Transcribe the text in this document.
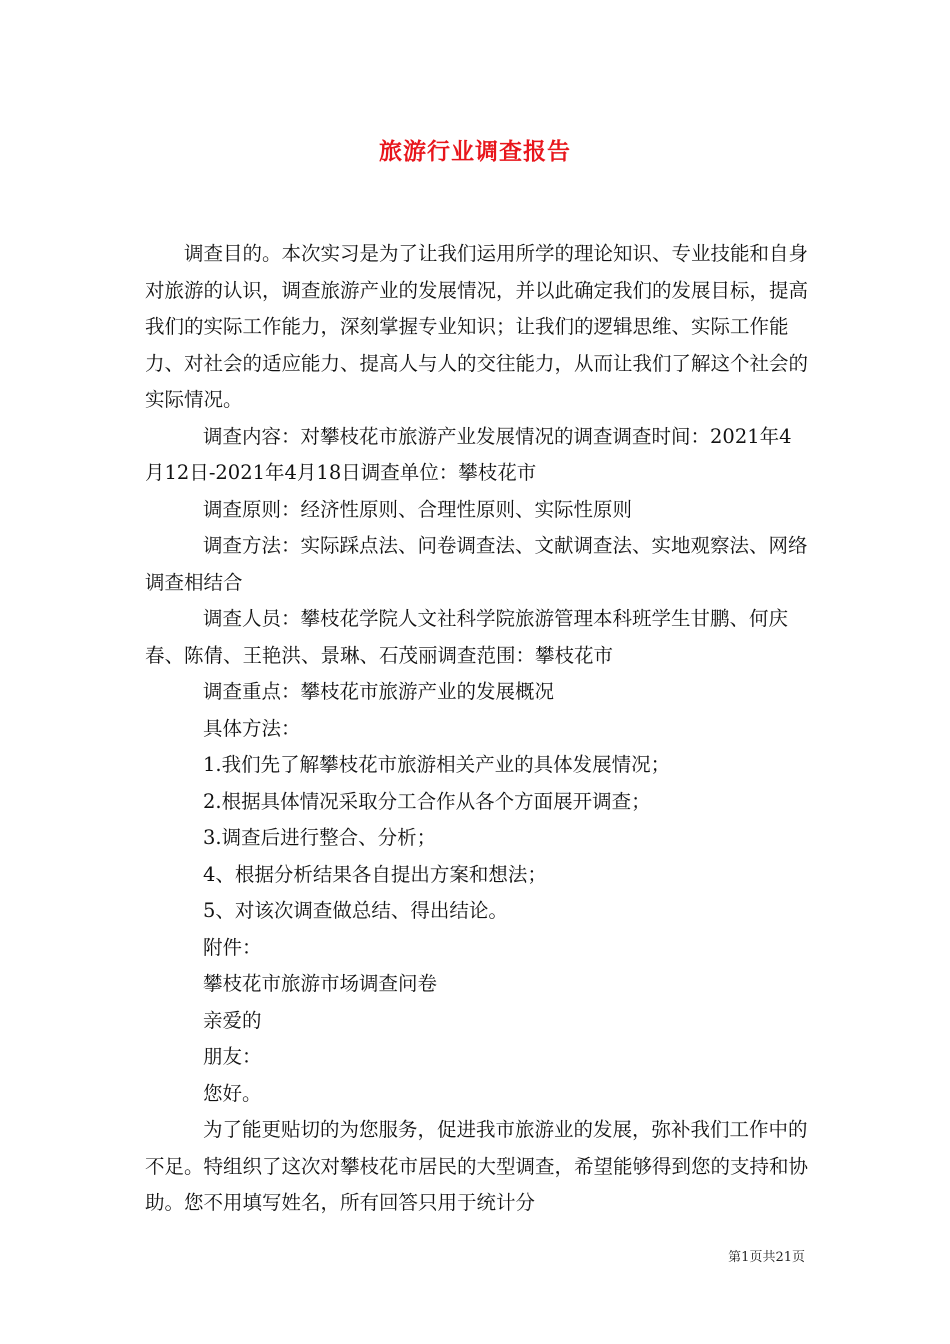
旅游行业调查报告

调查目的。本次实习是为了让我们运用所学的理论知识、专业技能和自身对旅游的认识，调查旅游产业的发展情况，并以此确定我们的发展目标，提高我们的实际工作能力，深刻掌握专业知识；让我们的逻辑思维、实际工作能力、对社会的适应能力、提高人与人的交往能力，从而让我们了解这个社会的实际情况。

调查内容：对攀枝花市旅游产业发展情况的调查调查时间：2021年4月12日-2021年4月18日调查单位：攀枝花市

调查原则：经济性原则、合理性原则、实际性原则

调查方法：实际踩点法、问卷调查法、文献调查法、实地观察法、网络调查相结合

调查人员：攀枝花学院人文社科学院旅游管理本科班学生甘鹏、何庆春、陈倩、王艳洪、景琳、石茂丽调查范围：攀枝花市

调查重点：攀枝花市旅游产业的发展概况

具体方法：

1.我们先了解攀枝花市旅游相关产业的具体发展情况；

2.根据具体情况采取分工合作从各个方面展开调查；

3.调查后进行整合、分析；

4、根据分析结果各自提出方案和想法；

5、对该次调查做总结、得出结论。

附件：

攀枝花市旅游市场调查问卷

亲爱的

朋友：

您好。

为了能更贴切的为您服务，促进我市旅游业的发展，弥补我们工作中的不足。特组织了这次对攀枝花市居民的大型调查，希望能够得到您的支持和协助。您不用填写姓名，所有回答只用于统计分

第1页共21页
